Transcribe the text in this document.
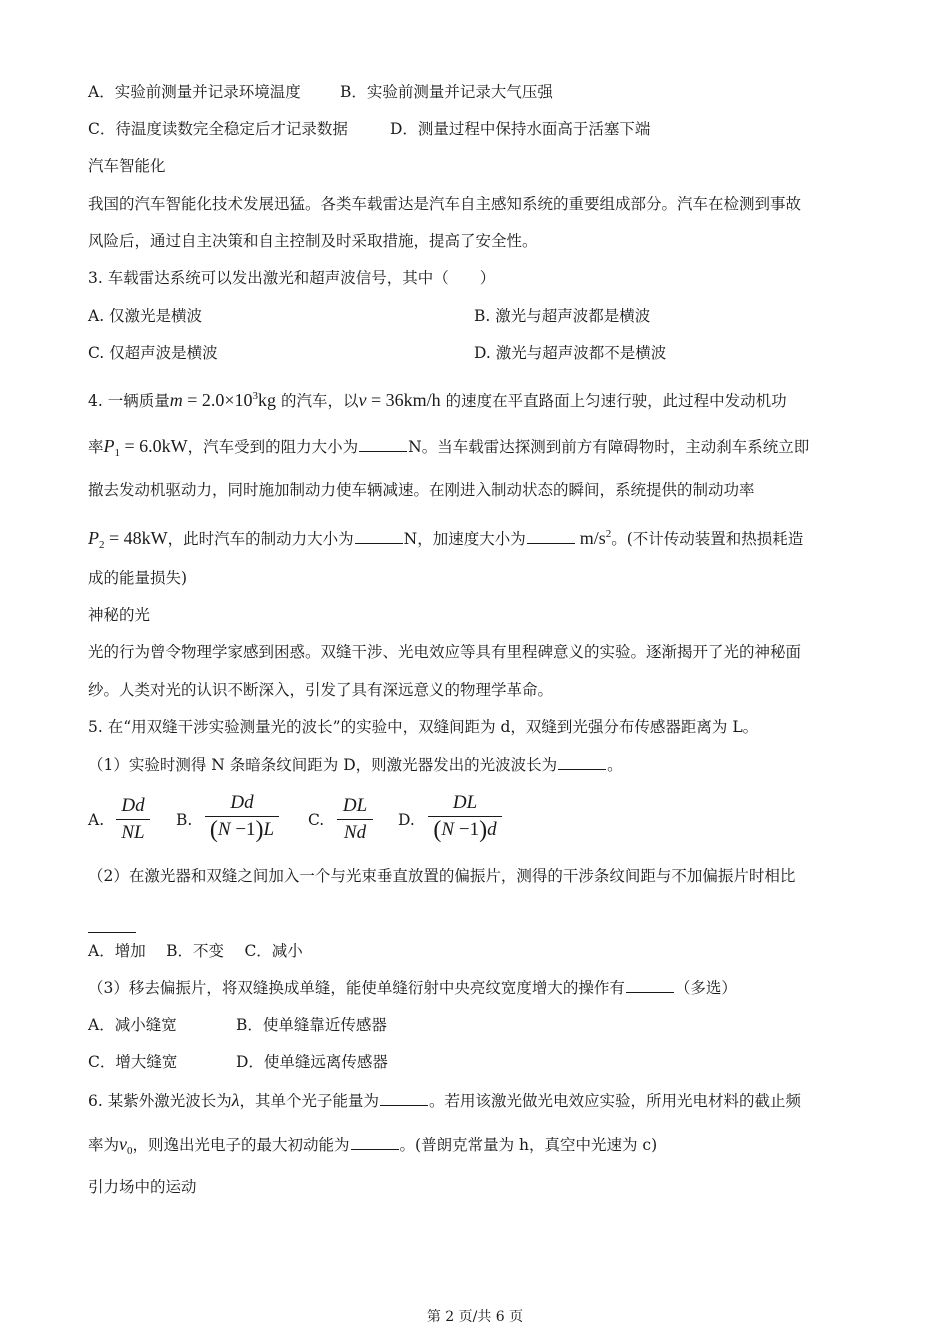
A．实验前测量并记录环境温度	B．实验前测量并记录大气压强
C．待温度读数完全稳定后才记录数据	D．测量过程中保持水面高于活塞下端
汽车智能化
我国的汽车智能化技术发展迅猛。各类车载雷达是汽车自主感知系统的重要组成部分。汽车在检测到事故
风险后，通过自主决策和自主控制及时采取措施，提高了安全性。
3. 车载雷达系统可以发出激光和超声波信号，其中（　　）
A. 仅激光是横波	B. 激光与超声波都是横波
C. 仅超声波是横波	D. 激光与超声波都不是横波
4. 一辆质量$m = 2.0\times 10^3kg$ 的汽车，以v = 36km/h 的速度在平直路面上匀速行驶，此过程中发动机功
率$P_1 = 6.0kW$，汽车受到的阻力大小为	N。当车载雷达探测到前方有障碍物时，主动刹车系统立即
撤去发动机驱动力，同时施加制动力使车辆减速。在刚进入制动状态的瞬间，系统提供的制动功率
$P_2 = 48kW$，此时汽车的制动力大小为	N，加速度大小为	$m/s^2$。(不计传动装置和热损耗造
成的能量损失)
神秘的光
光的行为曾令物理学家感到困惑。双缝干涉、光电效应等具有里程碑意义的实验。逐渐揭开了光的神秘面
纱。人类对光的认识不断深入，引发了具有深远意义的物理学革命。
5. 在“用双缝干涉实验测量光的波长”的实验中，双缝间距为 d，双缝到光强分布传感器距离为 L。
（1）实验时测得 N 条暗条纹间距为 D，则激光器发出的光波波长为	。
A.
Dd
NL
B.
Dd
(N −1)L	C.
DL
Nd
D.
DL
(N −1)d
（2）在激光器和双缝之间加入一个与光束垂直放置的偏振片，测得的干涉条纹间距与不加偏振片时相比
A．增加　 B．不变　 C．减小
（3）移去偏振片，将双缝换成单缝，能使单缝衍射中央亮纹宽度增大的操作有	（多选）
A．减小缝宽	B．使单缝靠近传感器
C．增大缝宽	D．使单缝远离传感器
6. 某紫外激光波长为λ，其单个光子能量为	。若用该激光做光电效应实验，所用光电材料的截止频
率为$\nu_0$，则逸出光电子的最大初动能为	。(普朗克常量为 h，真空中光速为 c)
引力场中的运动
第 2 页/共 6 页
